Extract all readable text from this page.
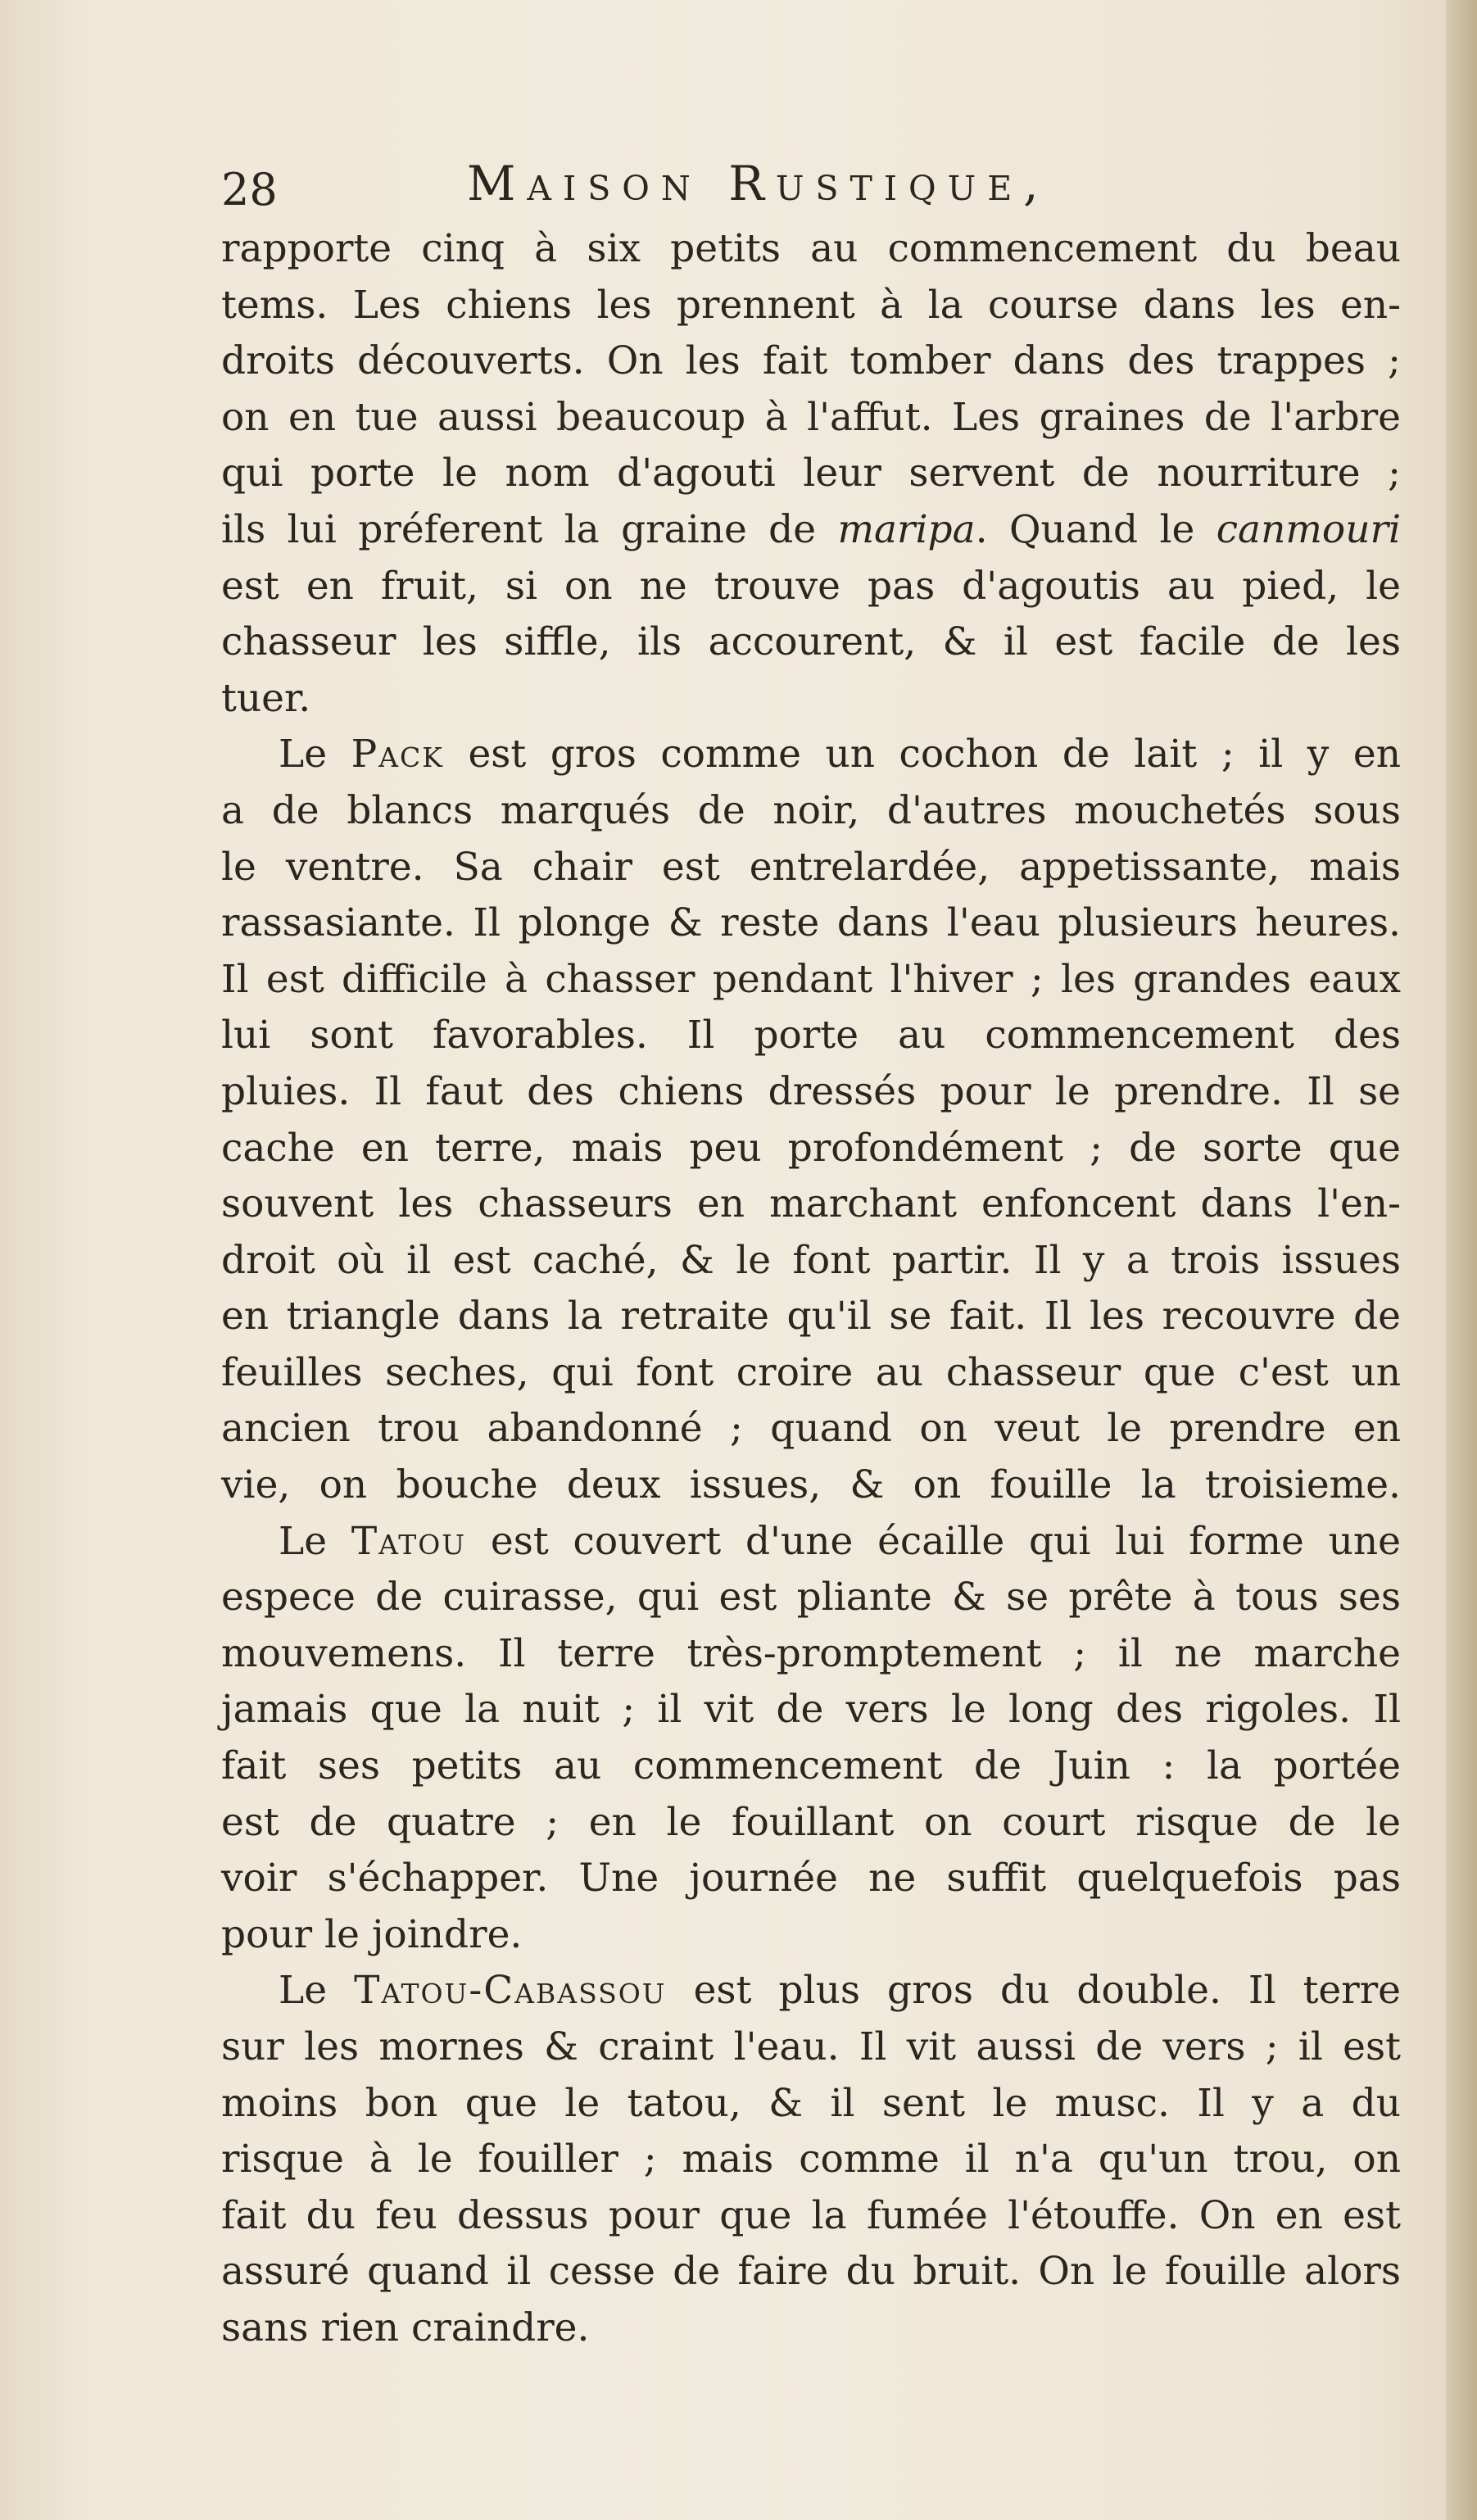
28	Maison Rustique,
rapporte cinq à six petits au commencement du beau
tems. Les chiens les prennent à la course dans les en-
droits découverts. On les fait tomber dans des trappes ;
on en tue aussi beaucoup à l'affut. Les graines de l'arbre
qui porte le nom d'agouti leur servent de nourriture ;
ils lui préferent la graine de maripa. Quand le canmouri
est en fruit, si on ne trouve pas d'agoutis au pied, le
chasseur les siffle, ils accourent, & il est facile de les
tuer.
Le Pack est gros comme un cochon de lait ; il y en
a de blancs marqués de noir, d'autres mouchetés sous
le ventre. Sa chair est entrelardée, appetissante, mais
rassasiante. Il plonge & reste dans l'eau plusieurs heures.
Il est difficile à chasser pendant l'hiver ; les grandes eaux
lui sont favorables. Il porte au commencement des
pluies. Il faut des chiens dressés pour le prendre. Il se
cache en terre, mais peu profondément ; de sorte que
souvent les chasseurs en marchant enfoncent dans l'en-
droit où il est caché, & le font partir. Il y a trois issues
en triangle dans la retraite qu'il se fait. Il les recouvre de
feuilles seches, qui font croire au chasseur que c'est un
ancien trou abandonné ; quand on veut le prendre en
vie, on bouche deux issues, & on fouille la troisieme.
Le Tatou est couvert d'une écaille qui lui forme une
espece de cuirasse, qui est pliante & se prête à tous ses
mouvemens. Il terre très-promptement ; il ne marche
jamais que la nuit ; il vit de vers le long des rigoles. Il
fait ses petits au commencement de Juin : la portée
est de quatre ; en le fouillant on court risque de le
voir s'échapper. Une journée ne suffit quelquefois pas
pour le joindre.
Le Tatou-Cabassou est plus gros du double. Il terre
sur les mornes & craint l'eau. Il vit aussi de vers ; il est
moins bon que le tatou, & il sent le musc. Il y a du
risque à le fouiller ; mais comme il n'a qu'un trou, on
fait du feu dessus pour que la fumée l'étouffe. On en est
assuré quand il cesse de faire du bruit. On le fouille alors
sans rien craindre.
